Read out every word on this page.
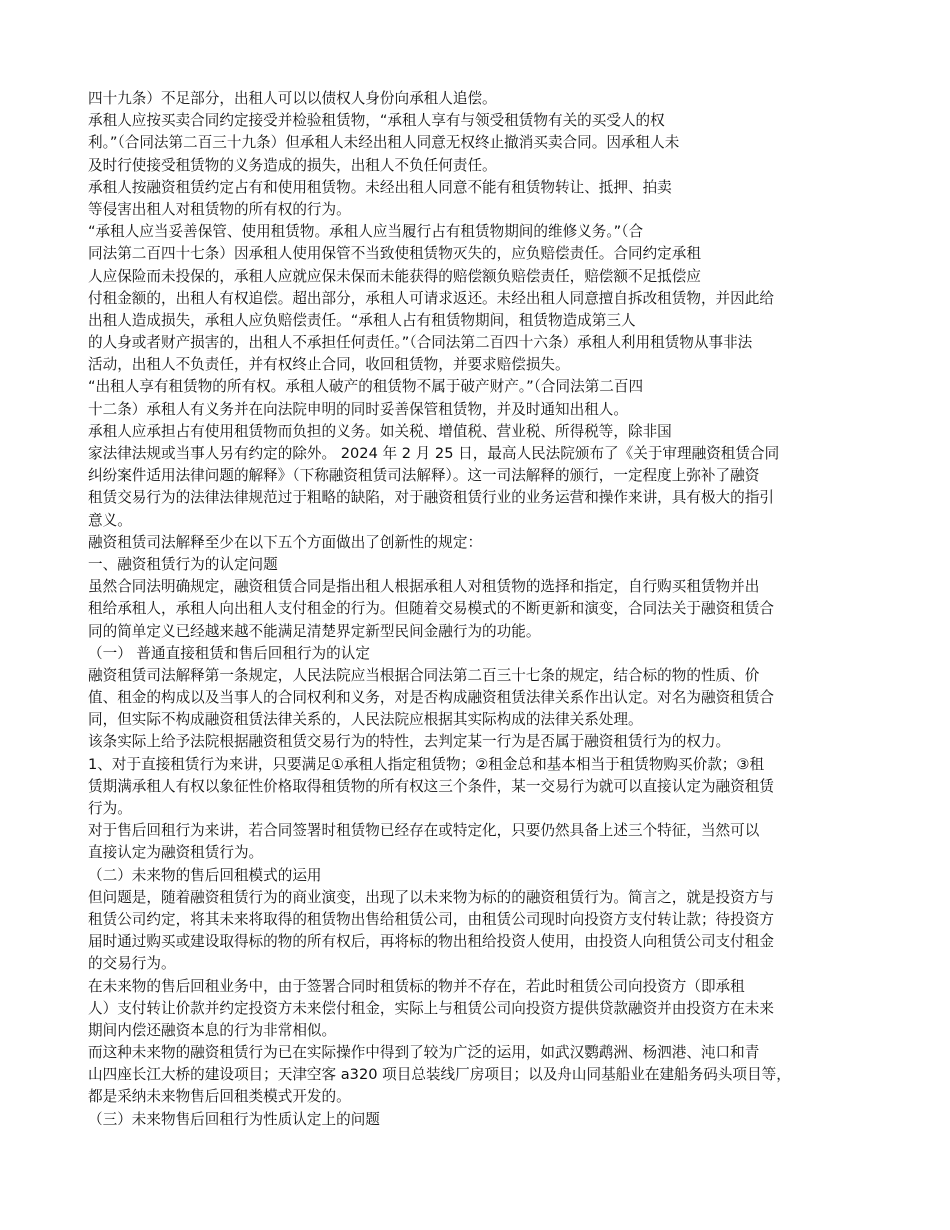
四十九条）不足部分，出租人可以以债权人身份向承租人追偿。
承租人应按买卖合同约定接受并检验租赁物，“承租人享有与领受租赁物有关的买受人的权
利。”（合同法第二百三十九条）但承租人未经出租人同意无权终止撤消买卖合同。因承租人未
及时行使接受租赁物的义务造成的损失，出租人不负任何责任。
承租人按融资租赁约定占有和使用租赁物。未经出租人同意不能有租赁物转让、抵押、拍卖
等侵害出租人对租赁物的所有权的行为。
“承租人应当妥善保管、使用租赁物。承租人应当履行占有租赁物期间的维修义务。”（合
同法第二百四十七条）因承租人使用保管不当致使租赁物灭失的，应负赔偿责任。合同约定承租
人应保险而未投保的，承租人应就应保未保而未能获得的赔偿额负赔偿责任，赔偿额不足抵偿应
付租金额的，出租人有权追偿。超出部分，承租人可请求返还。未经出租人同意擅自拆改租赁物，并因此给
出租人造成损失，承租人应负赔偿责任。“承租人占有租赁物期间，租赁物造成第三人
的人身或者财产损害的，出租人不承担任何责任。”（合同法第二百四十六条）承租人利用租赁物从事非法
活动，出租人不负责任，并有权终止合同，收回租赁物，并要求赔偿损失。
“出租人享有租赁物的所有权。承租人破产的租赁物不属于破产财产。”（合同法第二百四
十二条）承租人有义务并在向法院申明的同时妥善保管租赁物，并及时通知出租人。
承租人应承担占有使用租赁物而负担的义务。如关税、增值税、营业税、所得税等，除非国
家法律法规或当事人另有约定的除外。 2024 年 2 月 25 日，最高人民法院颁布了《关于审理融资租赁合同
纠纷案件适用法律问题的解释》（下称融资租赁司法解释）。这一司法解释的颁行，一定程度上弥补了融资
租赁交易行为的法律法律规范过于粗略的缺陷，对于融资租赁行业的业务运营和操作来讲，具有极大的指引
意义。
融资租赁司法解释至少在以下五个方面做出了创新性的规定：
一、融资租赁行为的认定问题
虽然合同法明确规定，融资租赁合同是指出租人根据承租人对租赁物的选择和指定，自行购买租赁物并出
租给承租人，承租人向出租人支付租金的行为。但随着交易模式的不断更新和演变，合同法关于融资租赁合
同的简单定义已经越来越不能满足清楚界定新型民间金融行为的功能。
（一） 普通直接租赁和售后回租行为的认定
融资租赁司法解释第一条规定，人民法院应当根据合同法第二百三十七条的规定，结合标的物的性质、价
值、租金的构成以及当事人的合同权利和义务，对是否构成融资租赁法律关系作出认定。对名为融资租赁合
同，但实际不构成融资租赁法律关系的，人民法院应根据其实际构成的法律关系处理。
该条实际上给予法院根据融资租赁交易行为的特性，去判定某一行为是否属于融资租赁行为的权力。
1、对于直接租赁行为来讲，只要满足①承租人指定租赁物；②租金总和基本相当于租赁物购买价款；③租
赁期满承租人有权以象征性价格取得租赁物的所有权这三个条件，某一交易行为就可以直接认定为融资租赁
行为。
对于售后回租行为来讲，若合同签署时租赁物已经存在或特定化，只要仍然具备上述三个特征，当然可以
直接认定为融资租赁行为。
（二）未来物的售后回租模式的运用
但问题是，随着融资租赁行为的商业演变，出现了以未来物为标的的融资租赁行为。简言之，就是投资方与
租赁公司约定，将其未来将取得的租赁物出售给租赁公司，由租赁公司现时向投资方支付转让款；待投资方
届时通过购买或建设取得标的物的所有权后，再将标的物出租给投资人使用，由投资人向租赁公司支付租金
的交易行为。
在未来物的售后回租业务中，由于签署合同时租赁标的物并不存在，若此时租赁公司向投资方（即承租
人）支付转让价款并约定投资方未来偿付租金，实际上与租赁公司向投资方提供贷款融资并由投资方在未来
期间内偿还融资本息的行为非常相似。
而这种未来物的融资租赁行为已在实际操作中得到了较为广泛的运用，如武汉鹦鹉洲、杨泗港、沌口和青
山四座长江大桥的建设项目；天津空客 a320 项目总装线厂房项目；以及舟山同基船业在建船务码头项目等，
都是采纳未来物售后回租类模式开发的。
（三）未来物售后回租行为性质认定上的问题
